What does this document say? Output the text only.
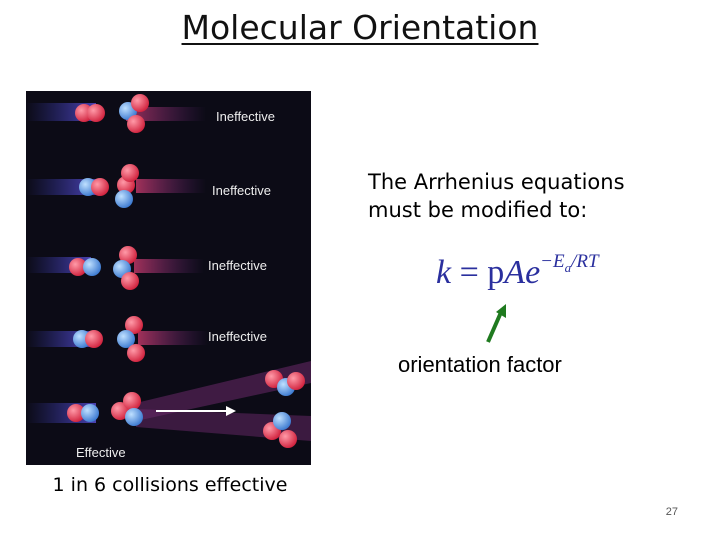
Molecular Orientation
Ineffective
Ineffective
Ineffective
Ineffective
Effective
1 in 6 collisions effective
The Arrhenius equations
must be modified to:
k = pAe$^{-E_a/RT}$
orientation factor
27
